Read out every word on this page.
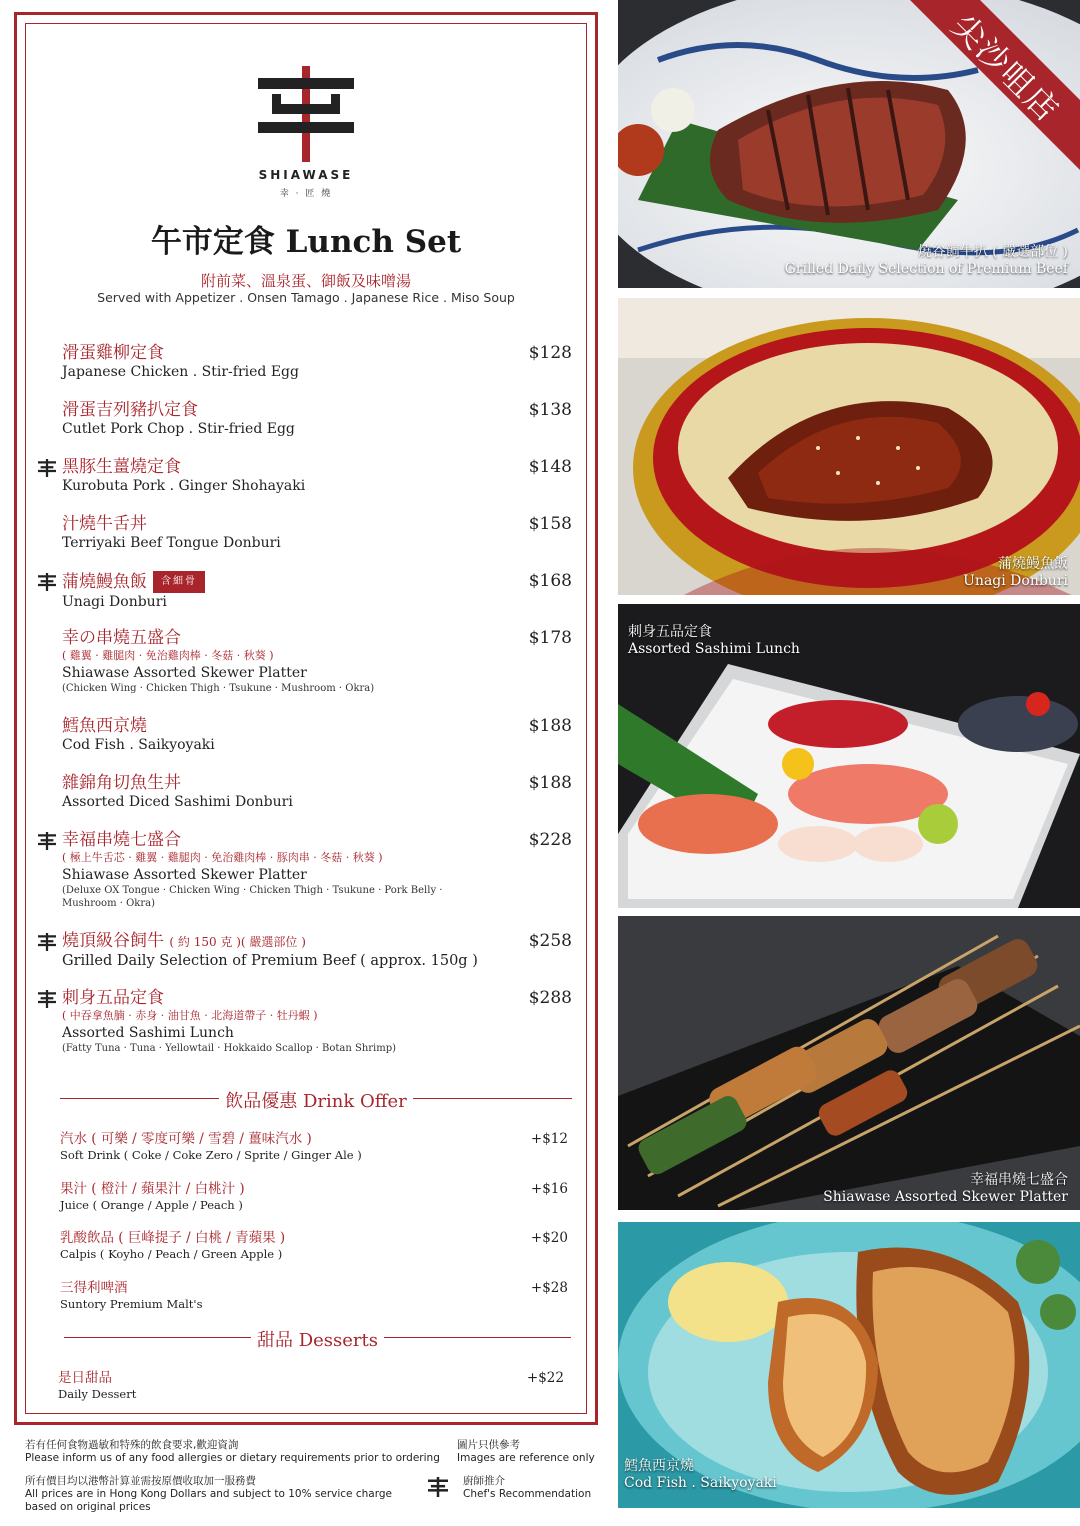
SHIAWASE
幸 · 匠 燒
午市定食 Lunch Set
附前菜、溫泉蛋、御飯及味噌湯
Served with Appetizer . Onsen Tamago . Japanese Rice . Miso Soup
滑蛋雞柳定食
Japanese Chicken . Stir-fried Egg
$128
滑蛋吉列豬扒定食
Cutlet Pork Chop . Stir-fried Egg
$138
黑豚生薑燒定食
Kurobuta Pork . Ginger Shohayaki
$148
汁燒牛舌丼
Terriyaki Beef Tongue Donburi
$158
蒲燒鰻魚飯 含細骨
Unagi Donburi
$168
幸の串燒五盛合
( 雞翼 · 雞腿肉 · 免治雞肉棒 · 冬菇 · 秋葵 )
Shiawase Assorted Skewer Platter
(Chicken Wing · Chicken Thigh · Tsukune · Mushroom · Okra)
$178
鱈魚西京燒
Cod Fish . Saikyoyaki
$188
雜錦角切魚生丼
Assorted Diced Sashimi Donburi
$188
幸福串燒七盛合
( 極上牛舌芯 · 雞翼 · 雞腿肉 · 免治雞肉棒 · 豚肉串 · 冬菇 · 秋葵 )
Shiawase Assorted Skewer Platter
(Deluxe OX Tongue · Chicken Wing · Chicken Thigh · Tsukune · Pork Belly · Mushroom · Okra)
$228
燒頂級谷飼牛 ( 約 150 克 )( 嚴選部位 )
Grilled Daily Selection of Premium Beef ( approx. 150g )
$258
刺身五品定食
( 中吞拿魚腩 · 赤身 · 油甘魚 · 北海道帶子 · 牡丹蝦 )
Assorted Sashimi Lunch
(Fatty Tuna · Tuna · Yellowtail · Hokkaido Scallop · Botan Shrimp)
$288
飲品優惠 Drink Offer
汽水 ( 可樂 / 零度可樂 / 雪碧 / 薑味汽水 )
Soft Drink ( Coke / Coke Zero / Sprite / Ginger Ale )
+$12
果汁 ( 橙汁 / 蘋果汁 / 白桃汁 )
Juice ( Orange / Apple / Peach )
+$16
乳酸飲品 ( 巨峰提子 / 白桃 / 青蘋果 )
Calpis ( Koyho / Peach / Green Apple )
+$20
三得利啤酒
Suntory Premium Malt's
+$28
甜品 Desserts
是日甜品
Daily Dessert
+$22
若有任何食物過敏和特殊的飲食要求,歡迎資詢
Please inform us of any food allergies or dietary requirements prior to ordering
所有價目均以港幣計算並需按原價收取加一服務費
All prices are in Hong Kong Dollars and subject to 10% service charge
based on original prices
圖片只供參考
Images are reference only
廚師推介
Chef's Recommendation
燒谷飼牛扒 ( 嚴選部位 )
Grilled Daily Selection of Premium Beef
尖沙咀店
蒲燒鰻魚飯
Unagi Donburi
刺身五品定食
Assorted Sashimi Lunch
幸福串燒七盛合
Shiawase Assorted Skewer Platter
鱈魚西京燒
Cod Fish . Saikyoyaki
